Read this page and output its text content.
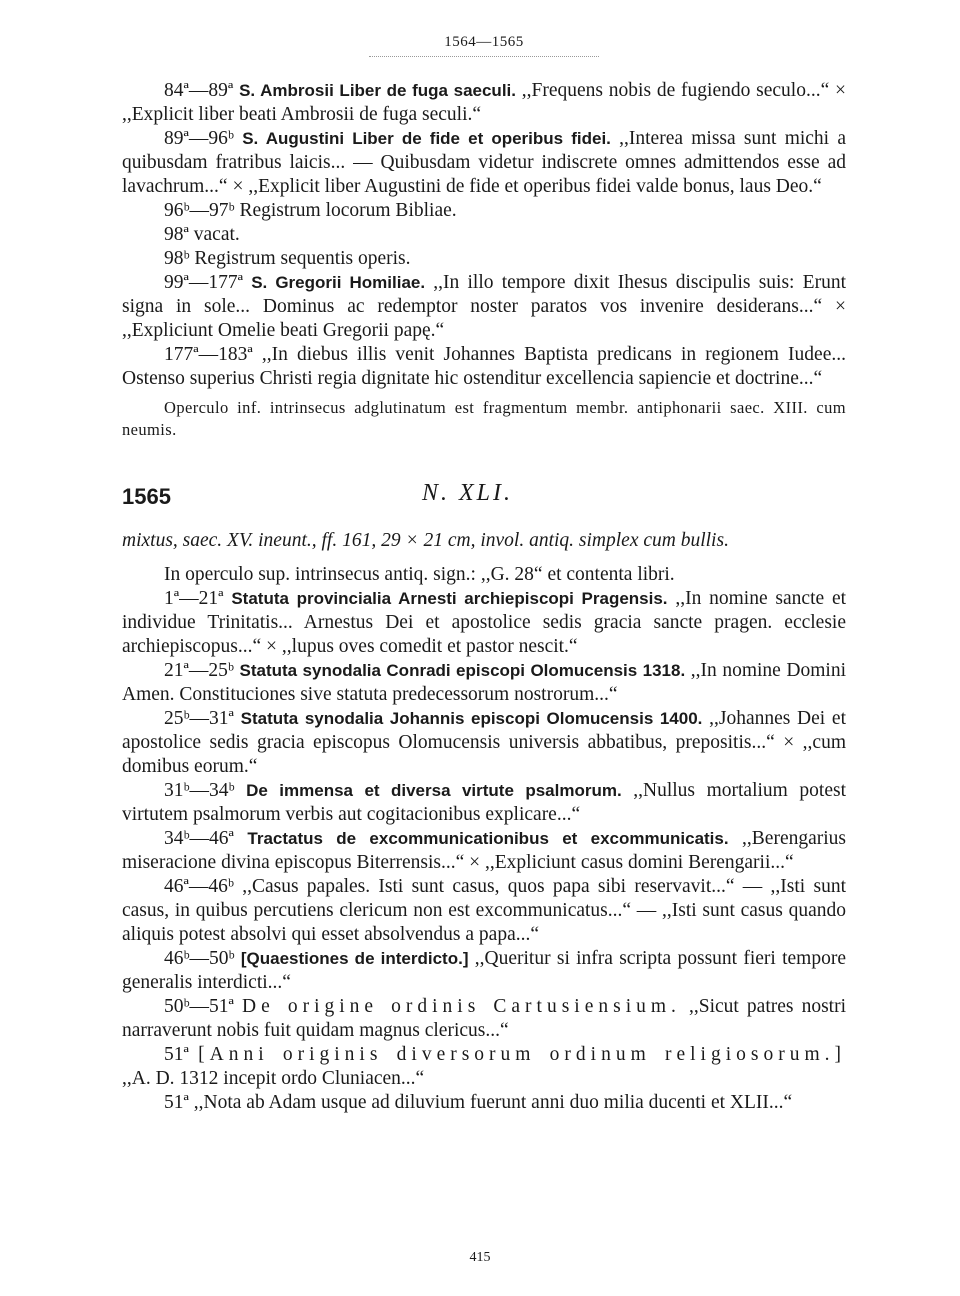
1564—1565

84ª—89ª S. Ambrosii Liber de fuga saeculi. ,,Frequens nobis de fugiendo seculo...“ × ,,Explicit liber beati Ambrosii de fuga seculi.“

89ª—96ᵇ S. Augustini Liber de fide et operibus fidei. ,,Interea missa sunt michi a quibusdam fratribus laicis... — Quibusdam videtur indiscrete omnes admittendos esse ad lavachrum...“ × ,,Explicit liber Augustini de fide et operibus fidei valde bonus, laus Deo.“

96ᵇ—97ᵇ Registrum locorum Bibliae.

98ª vacat.

98ᵇ Registrum sequentis operis.

99ª—177ª S. Gregorii Homiliae. ,,In illo tempore dixit Ihesus discipulis suis: Erunt signa in sole... Dominus ac redemptor noster paratos vos invenire desiderans...“ × ,,Expliciunt Omelie beati Gregorii papę.“

177ª—183ª ,,In diebus illis venit Johannes Baptista predicans in regionem Iudee... Ostenso superius Christi regia dignitate hic ostenditur excellencia sapiencie et doctrine...“

Operculo inf. intrinsecus adglutinatum est fragmentum membr. antiphonarii saec. XIII. cum neumis.

1565	N. XLI.

mixtus, saec. XV. ineunt., ff. 161, 29 × 21 cm, invol. antiq. simplex cum bullis.

In operculo sup. intrinsecus antiq. sign.: ,,G. 28“ et contenta libri.

1ª—21ª Statuta provincialia Arnesti archiepiscopi Pragensis. ,,In nomine sancte et individue Trinitatis... Arnestus Dei et apostolice sedis gracia sancte pragen. ecclesie archiepiscopus...“ × ,,lupus oves comedit et pastor nescit.“

21ª—25ᵇ Statuta synodalia Conradi episcopi Olomucensis 1318. ,,In nomine Domini Amen. Constituciones sive statuta predecessorum nostrorum...“

25ᵇ—31ª Statuta synodalia Johannis episcopi Olomucensis 1400. ,,Johannes Dei et apostolice sedis gracia episcopus Olomucensis universis abbatibus, prepositis...“ × ,,cum domibus eorum.“

31ᵇ—34ᵇ De immensa et diversa virtute psalmorum. ,,Nullus mortalium potest virtutem psalmorum verbis aut cogitacionibus explicare...“

34ᵇ—46ª Tractatus de excommunicationibus et excommunicatis. ,,Berengarius miseracione divina episcopus Biterrensis...“ × ,,Expliciunt casus domini Berengarii...“

46ª—46ᵇ ,,Casus papales. Isti sunt casus, quos papa sibi reservavit...“ — ,,Isti sunt casus, in quibus percutiens clericum non est excommunicatus...“ — ,,Isti sunt casus quando aliquis potest absolvi qui esset absolvendus a papa...“

46ᵇ—50ᵇ [Quaestiones de interdicto.] ,,Queritur si infra scripta possunt fieri tempore generalis interdicti...“

50ᵇ—51ª De origine ordinis Cartusiensium. ,,Sicut patres nostri narraverunt nobis fuit quidam magnus clericus...“

51ª [Anni originis diversorum ordinum religiosorum.] ,,A. D. 1312 incepit ordo Cluniacen...“

51ª ,,Nota ab Adam usque ad diluvium fuerunt anni duo milia ducenti et XLII...“

415
